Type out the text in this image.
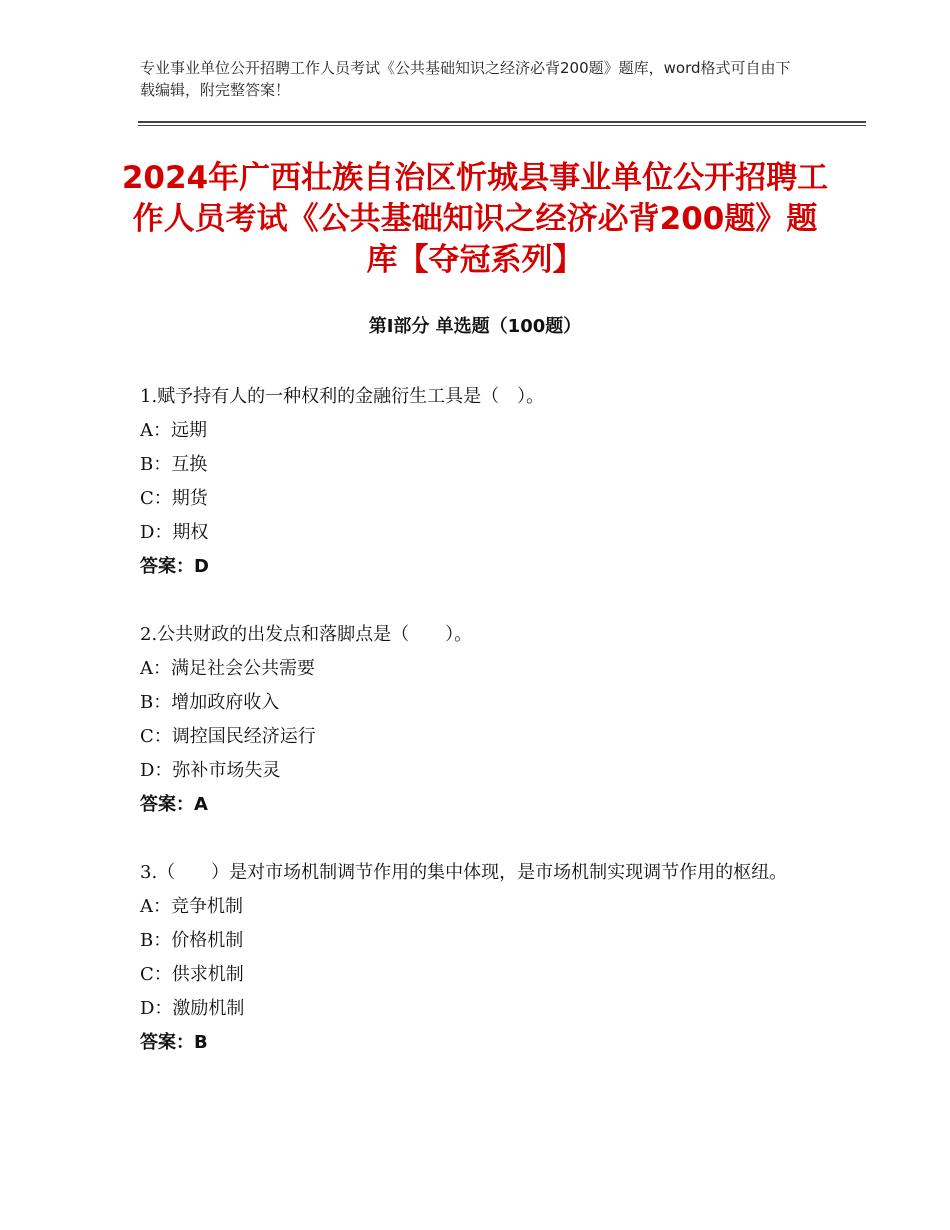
专业事业单位公开招聘工作人员考试《公共基础知识之经济必背200题》题库，word格式可自由下载编辑，附完整答案！
2024年广西壮族自治区忻城县事业单位公开招聘工作人员考试《公共基础知识之经济必背200题》题库【夺冠系列】
第I部分 单选题（100题）

1.赋予持有人的一种权利的金融衍生工具是（　）。

A：远期

B：互换

C：期货

D：期权

答案：D

2.公共财政的出发点和落脚点是（　　）。

A：满足社会公共需要

B：增加政府收入

C：调控国民经济运行

D：弥补市场失灵

答案：A

3.（　　）是对市场机制调节作用的集中体现，是市场机制实现调节作用的枢纽。

A：竞争机制

B：价格机制

C：供求机制

D：激励机制

答案：B
